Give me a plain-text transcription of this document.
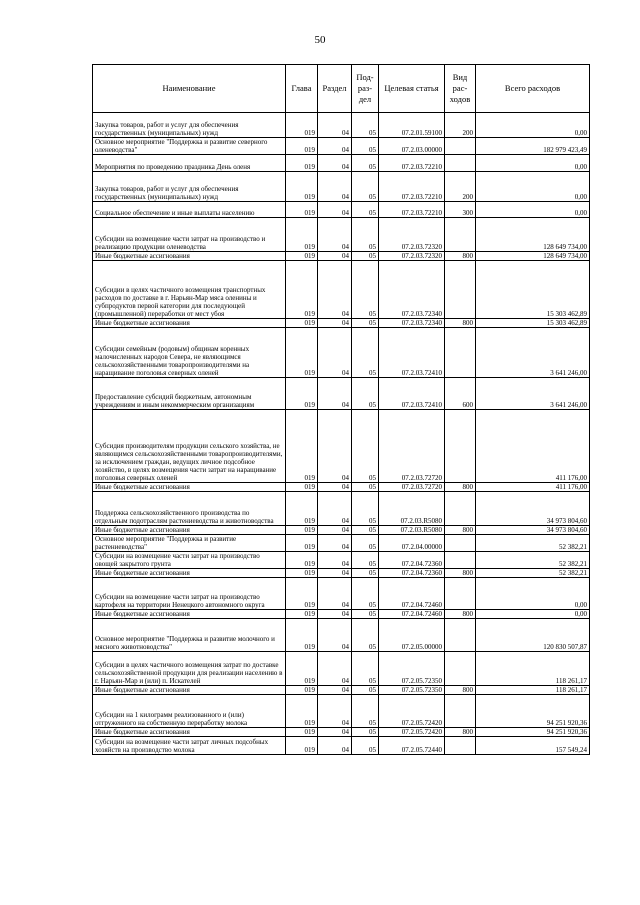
50
Наименование	Глава	Раздел	Под-раз-дел	Целевая статья	Вид рас-ходов	Всего расходов
Закупка товаров, работ и услуг для обеспечения государственных (муниципальных) нужд	019	04	05	07.2.01.59100	200	0,00
Основное мероприятие "Поддержка и развитие северного оленеводства"	019	04	05	07.2.03.00000		182 979 423,49
Мероприятия по проведению праздника День оленя	019	04	05	07.2.03.72210		0,00
Закупка товаров, работ и услуг для обеспечения государственных (муниципальных) нужд	019	04	05	07.2.03.72210	200	0,00
Социальное обеспечение и иные выплаты населению	019	04	05	07.2.03.72210	300	0,00
Субсидии на возмещение части затрат на производство и реализацию продукции оленеводства	019	04	05	07.2.03.72320		128 649 734,00
Иные бюджетные ассигнования	019	04	05	07.2.03.72320	800	128 649 734,00
Субсидии в целях частичного возмещения транспортных расходов по доставке в г. Нарьян-Мар мяса оленины и субпродуктов первой категории для последующей (промышленной) переработки от мест убоя	019	04	05	07.2.03.72340		15 303 462,89
Иные бюджетные ассигнования	019	04	05	07.2.03.72340	800	15 303 462,89
Субсидии семейным (родовым) общинам коренных малочисленных народов Севера, не являющимся сельскохозяйственными товаропроизводителями на наращивание поголовья северных оленей	019	04	05	07.2.03.72410		3 641 246,00
Предоставление субсидий бюджетным, автономным учреждениям и иным некоммерческим организациям	019	04	05	07.2.03.72410	600	3 641 246,00
Субсидия производителям продукции сельского хозяйства, не являющимся сельскохозяйственными товаропроизводителями, за исключением граждан, ведущих личное подсобное хозяйство, в целях возмещения части затрат на наращивание поголовья северных оленей	019	04	05	07.2.03.72720		411 176,00
Иные бюджетные ассигнования	019	04	05	07.2.03.72720	800	411 176,00
Поддержка сельскохозяйственного производства по отдельным подотраслям растениеводства и животноводства	019	04	05	07.2.03.R5080		34 973 804,60
Иные бюджетные ассигнования	019	04	05	07.2.03.R5080	800	34 973 804,60
Основное мероприятие "Поддержка и развитие растениеводства"	019	04	05	07.2.04.00000		52 382,21
Субсидии на возмещение части затрат на производство овощей закрытого грунта	019	04	05	07.2.04.72360		52 382,21
Иные бюджетные ассигнования	019	04	05	07.2.04.72360	800	52 382,21
Субсидии на возмещение части затрат на производство картофеля на территории Ненецкого автономного округа	019	04	05	07.2.04.72460		0,00
Иные бюджетные ассигнования	019	04	05	07.2.04.72460	800	0,00
Основное мероприятие "Поддержка и развитие молочного и мясного животноводства"	019	04	05	07.2.05.00000		120 830 507,87
Субсидии в целях частичного возмещения затрат по доставке сельскохозяйственной продукции для реализации населению в г. Нарьян-Мар и (или) п. Искателей	019	04	05	07.2.05.72350		118 261,17
Иные бюджетные ассигнования	019	04	05	07.2.05.72350	800	118 261,17
Субсидии на 1 килограмм реализованного и (или) отгруженного на собственную переработку молока	019	04	05	07.2.05.72420		94 251 920,36
Иные бюджетные ассигнования	019	04	05	07.2.05.72420	800	94 251 920,36
Субсидии на возмещение части затрат личных подсобных хозяйств на производство молока	019	04	05	07.2.05.72440		157 549,24
